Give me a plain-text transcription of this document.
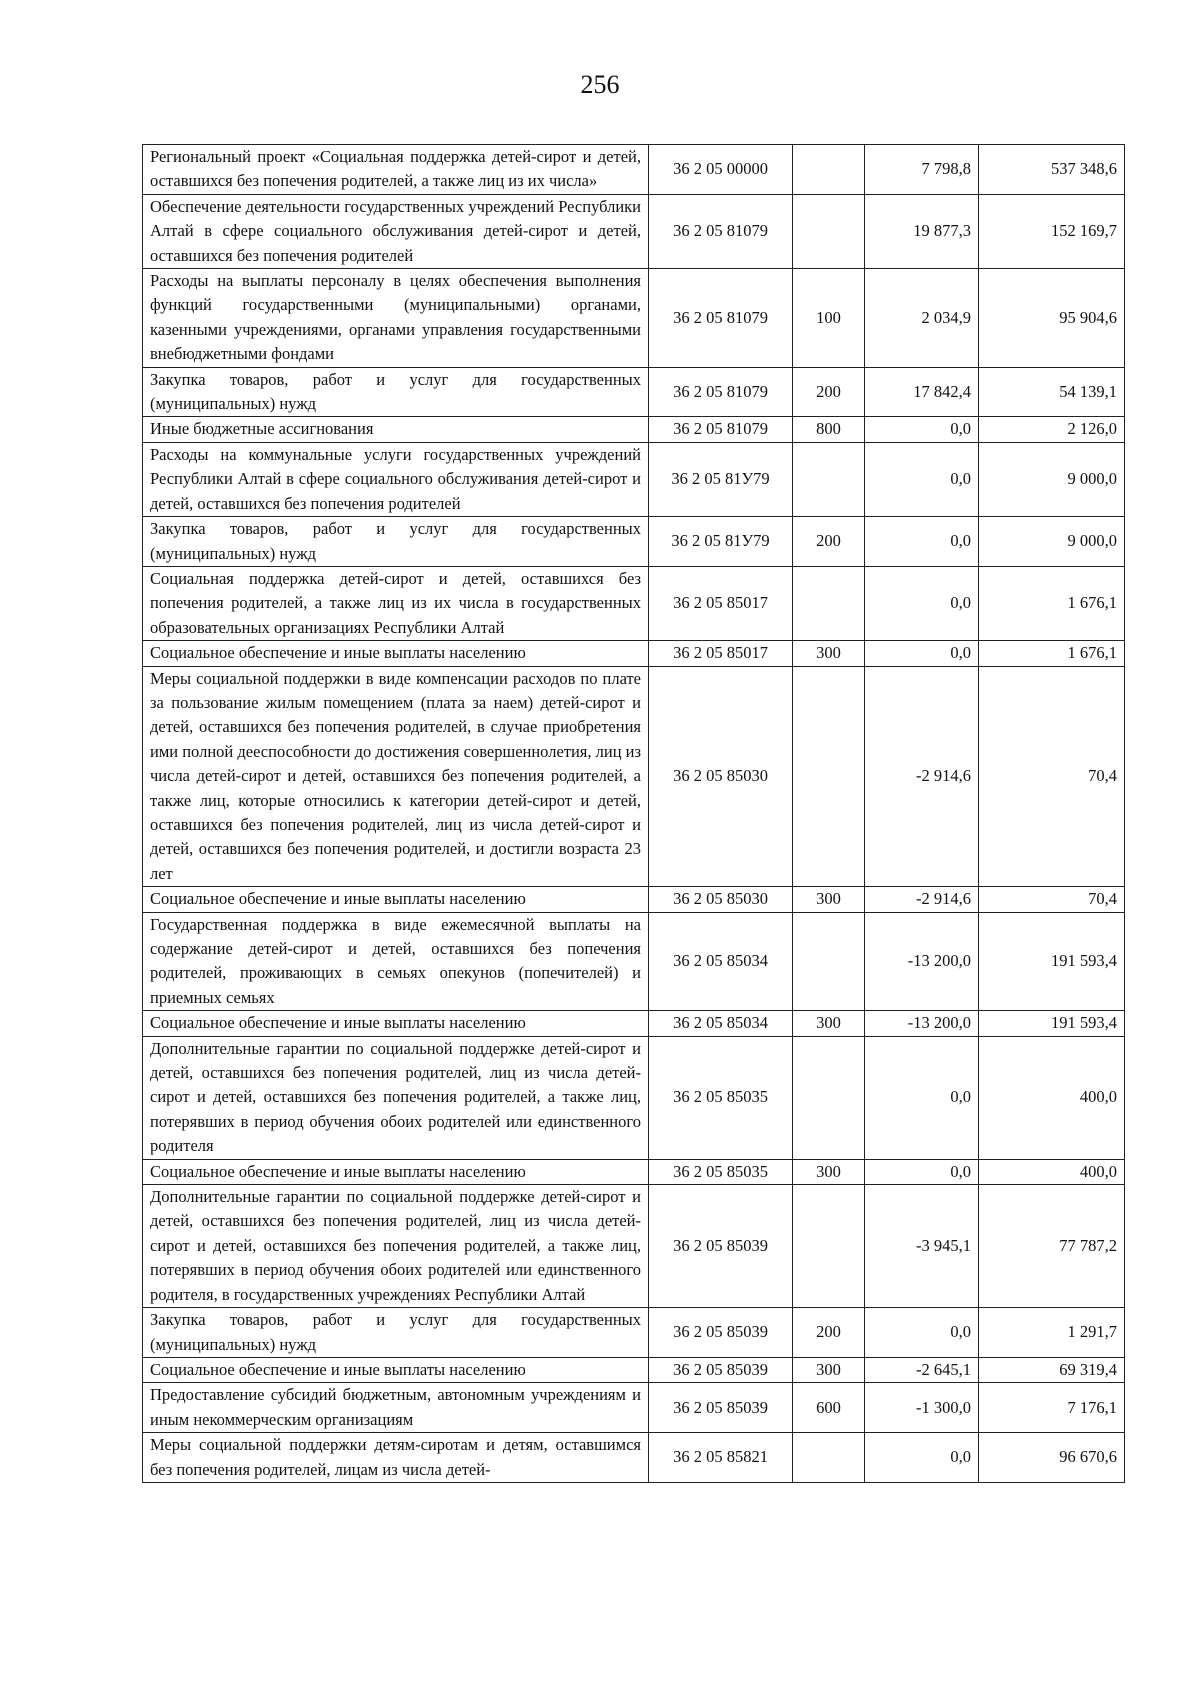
256
Региональный проект «Социальная поддержка детей-сирот и детей, оставшихся без попечения родителей, а также лиц из их числа»	36 2 05 00000		7 798,8	537 348,6
Обеспечение деятельности государственных учреждений Республики Алтай в сфере социального обслуживания детей-сирот и детей, оставшихся без попечения родителей	36 2 05 81079		19 877,3	152 169,7
Расходы на выплаты персоналу в целях обеспечения выполнения функций государственными (муниципальными) органами, казенными учреждениями, органами управления государственными внебюджетными фондами	36 2 05 81079	100	2 034,9	95 904,6
Закупка товаров, работ и услуг для государственных (муниципальных) нужд	36 2 05 81079	200	17 842,4	54 139,1
Иные бюджетные ассигнования	36 2 05 81079	800	0,0	2 126,0
Расходы на коммунальные услуги государственных учреждений Республики Алтай в сфере социального обслуживания детей-сирот и детей, оставшихся без попечения родителей	36 2 05 81У79		0,0	9 000,0
Закупка товаров, работ и услуг для государственных (муниципальных) нужд	36 2 05 81У79	200	0,0	9 000,0
Социальная поддержка детей-сирот и детей, оставшихся без попечения родителей, а также лиц из их числа в государственных образовательных организациях Республики Алтай	36 2 05 85017		0,0	1 676,1
Социальное обеспечение и иные выплаты населению	36 2 05 85017	300	0,0	1 676,1
Меры социальной поддержки в виде компенсации расходов по плате за пользование жилым помещением (плата за наем) детей-сирот и детей, оставшихся без попечения родителей, в случае приобретения ими полной дееспособности до достижения совершеннолетия, лиц из числа детей-сирот и детей, оставшихся без попечения родителей, а также лиц, которые относились к категории детей-сирот и детей, оставшихся без попечения родителей, лиц из числа детей-сирот и детей, оставшихся без попечения родителей, и достигли возраста 23 лет	36 2 05 85030		-2 914,6	70,4
Социальное обеспечение и иные выплаты населению	36 2 05 85030	300	-2 914,6	70,4
Государственная поддержка в виде ежемесячной выплаты на содержание детей-сирот и детей, оставшихся без попечения родителей, проживающих в семьях опекунов (попечителей) и приемных семьях	36 2 05 85034		-13 200,0	191 593,4
Социальное обеспечение и иные выплаты населению	36 2 05 85034	300	-13 200,0	191 593,4
Дополнительные гарантии по социальной поддержке детей-сирот и детей, оставшихся без попечения родителей, лиц из числа детей-сирот и детей, оставшихся без попечения родителей, а также лиц, потерявших в период обучения обоих родителей или единственного родителя	36 2 05 85035		0,0	400,0
Социальное обеспечение и иные выплаты населению	36 2 05 85035	300	0,0	400,0
Дополнительные гарантии по социальной поддержке детей-сирот и детей, оставшихся без попечения родителей, лиц из числа детей-сирот и детей, оставшихся без попечения родителей, а также лиц, потерявших в период обучения обоих родителей или единственного родителя, в государственных учреждениях Республики Алтай	36 2 05 85039		-3 945,1	77 787,2
Закупка товаров, работ и услуг для государственных (муниципальных) нужд	36 2 05 85039	200	0,0	1 291,7
Социальное обеспечение и иные выплаты населению	36 2 05 85039	300	-2 645,1	69 319,4
Предоставление субсидий бюджетным, автономным учреждениям и иным некоммерческим организациям	36 2 05 85039	600	-1 300,0	7 176,1
Меры социальной поддержки детям-сиротам и детям, оставшимся без попечения родителей, лицам из числа детей-	36 2 05 85821		0,0	96 670,6
